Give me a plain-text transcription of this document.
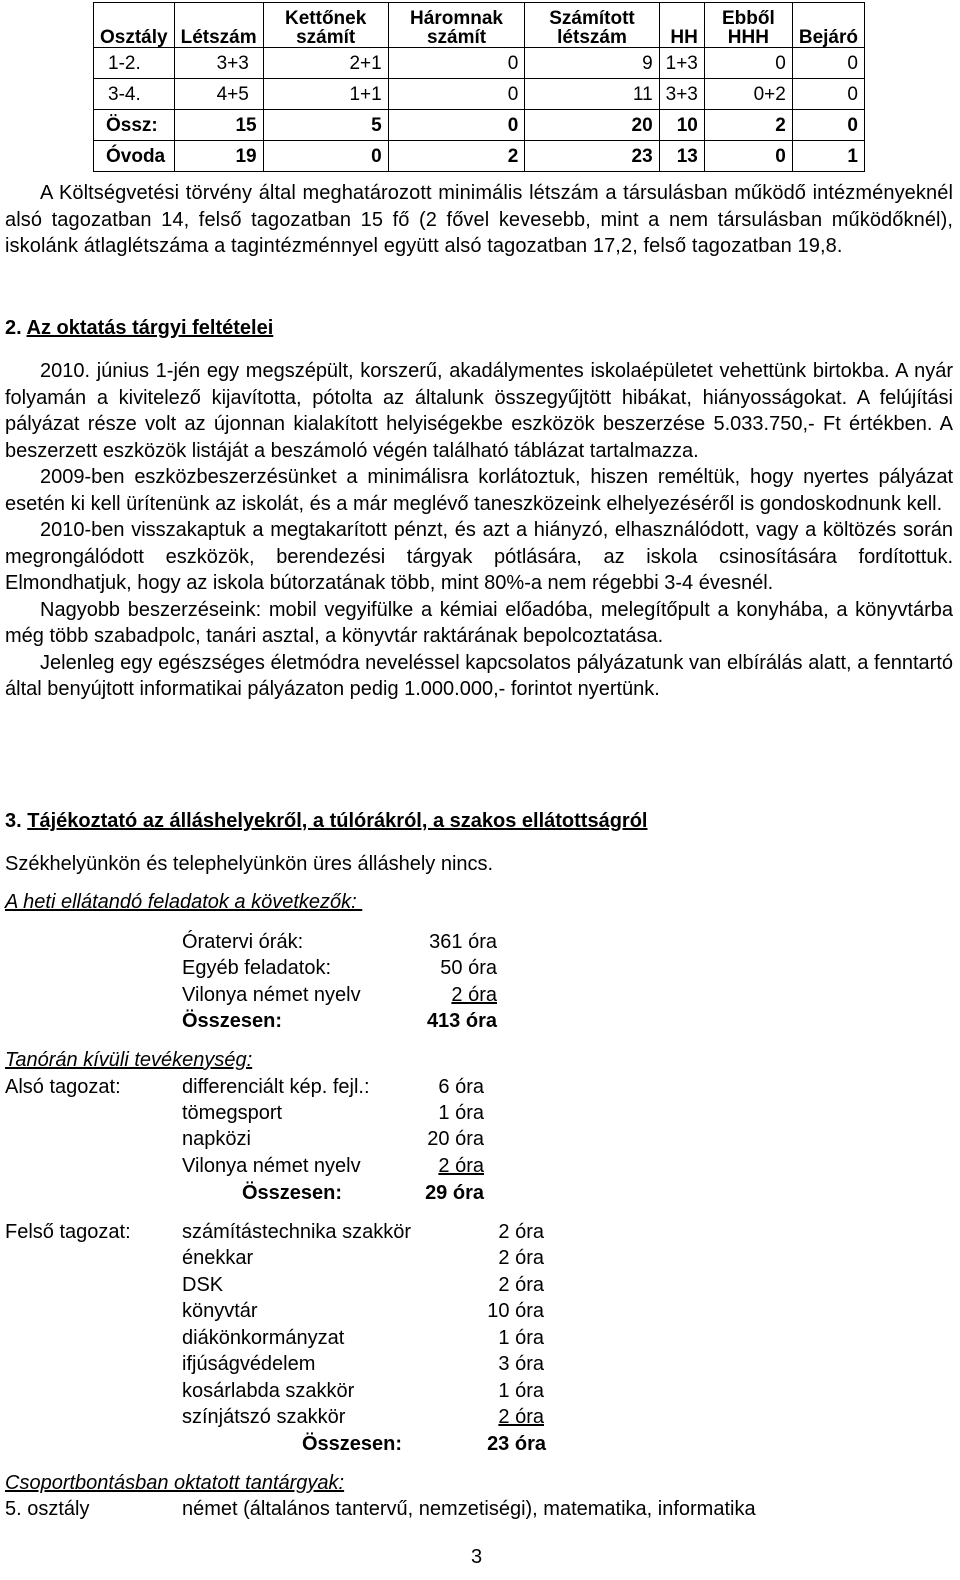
Osztály	Létszám	Kettőnek számít	Háromnak számít	Számított létszám	HH	Ebből HHH	Bejáró
1-2.	3+3	2+1	0	9	1+3	0	0
3-4.	4+5	1+1	0	11	3+3	0+2	0
Össz:	15	5	0	20	10	2	0
Óvoda	19	0	2	23	13	0	1
A Költségvetési törvény által meghatározott minimális létszám a társulásban működő intézményeknél alsó tagozatban 14, felső tagozatban 15 fő (2 fővel kevesebb, mint a nem társulásban működőknél), iskolánk átlaglétszáma a tagintézménnyel együtt alsó tagozatban 17,2, felső tagozatban 19,8.
2. Az oktatás tárgyi feltételei

2010. június 1-jén egy megszépült, korszerű, akadálymentes iskolaépületet vehettünk birtokba. A nyár folyamán a kivitelező kijavította, pótolta az általunk összegyűjtött hibákat, hiányosságokat. A felújítási pályázat része volt az újonnan kialakított helyiségekbe eszközök beszerzése 5.033.750,- Ft értékben. A beszerzett eszközök listáját a beszámoló végén található táblázat tartalmazza.

2009-ben eszközbeszerzésünket a minimálisra korlátoztuk, hiszen reméltük, hogy nyertes pályázat esetén ki kell ürítenünk az iskolát, és a már meglévő taneszközeink elhelyezéséről is gondoskodnunk kell.

2010-ben visszakaptuk a megtakarított pénzt, és azt a hiányzó, elhasználódott, vagy a költözés során megrongálódott eszközök, berendezési tárgyak pótlására, az iskola csinosítására fordítottuk. Elmondhatjuk, hogy az iskola bútorzatának több, mint 80%-a nem régebbi 3-4 évesnél.

Nagyobb beszerzéseink: mobil vegyifülke a kémiai előadóba, melegítőpult a konyhába, a könyvtárba még több szabadpolc, tanári asztal, a könyvtár raktárának bepolcoztatása.

Jelenleg egy egészséges életmódra neveléssel kapcsolatos pályázatunk van elbírálás alatt, a fenntartó által benyújtott informatikai pályázaton pedig 1.000.000,- forintot nyertünk.

3. Tájékoztató az álláshelyekről, a túlórákról, a szakos ellátottságról
Székhelyünkön és telephelyünkön üres álláshely nincs.
A heti ellátandó feladatok a következők:
Óratervi órák:	361 óra
Egyéb feladatok:	50 óra
Vilonya német nyelv	2 óra
Összesen:	413 óra
Tanórán kívüli tevékenység:
Alsó tagozat:	differenciált kép. fejl.:	6 óra
tömegsport	1 óra
napközi	20 óra
Vilonya német nyelv	2 óra
Összesen:	29 óra
Felső tagozat:	számítástechnika szakkör	2 óra
énekkar	2 óra
DSK	2 óra
könyvtár	10 óra
diákönkormányzat	1 óra
ifjúságvédelem	3 óra
kosárlabda szakkör	1 óra
színjátszó szakkör	2 óra
Összesen:	23 óra
Csoportbontásban oktatott tantárgyak:
5. osztály	német (általános tantervű, nemzetiségi), matematika, informatika
3
